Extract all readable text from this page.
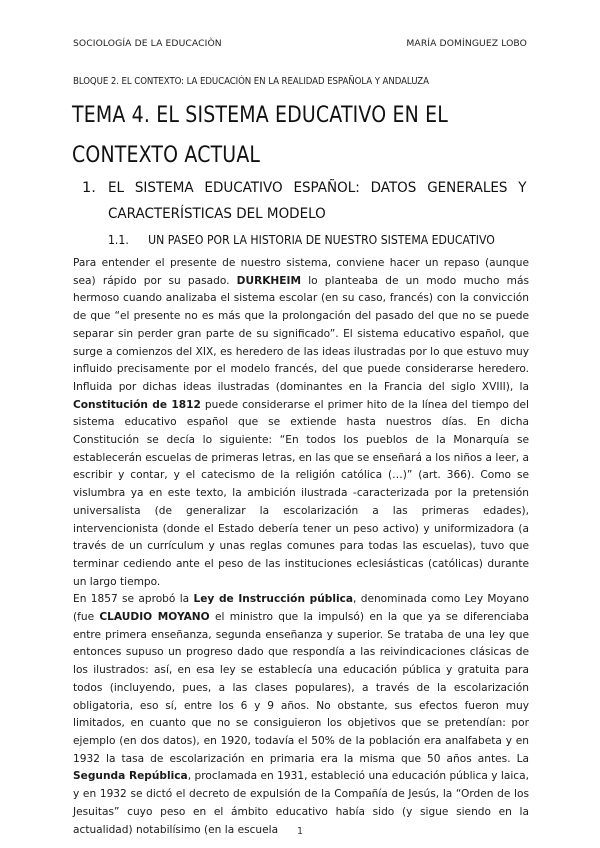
SOCIOLOGÍA DE LA EDUCACIÒN	MARÍA DOMÍNGUEZ LOBO
BLOQUE 2. EL CONTEXTO: LA EDUCACIÓN EN LA REALIDAD ESPAÑOLA Y ANDALUZA
TEMA 4. EL SISTEMA EDUCATIVO EN EL CONTEXTO ACTUAL
1. EL SISTEMA EDUCATIVO ESPAÑOL: DATOS GENERALES Y CARACTERÍSTICAS DEL MODELO
1.1. UN PASEO POR LA HISTORIA DE NUESTRO SISTEMA EDUCATIVO

Para entender el presente de nuestro sistema, conviene hacer un repaso (aunque sea) rápido por su pasado. DURKHEIM lo planteaba de un modo mucho más hermoso cuando analizaba el sistema escolar (en su caso, francés) con la convicción de que “el presente no es más que la prolongación del pasado del que no se puede separar sin perder gran parte de su significado”. El sistema educativo español, que surge a comienzos del XIX, es heredero de las ideas ilustradas por lo que estuvo muy influido precisamente por el modelo francés, del que puede considerarse heredero. Influida por dichas ideas ilustradas (dominantes en la Francia del siglo XVIII), la Constitución de 1812 puede considerarse el primer hito de la línea del tiempo del sistema educativo español que se extiende hasta nuestros días. En dicha Constitución se decía lo siguiente: “En todos los pueblos de la Monarquía se establecerán escuelas de primeras letras, en las que se enseñará a los niños a leer, a escribir y contar, y el catecismo de la religión católica (…)” (art. 366). Como se vislumbra ya en este texto, la ambición ilustrada -caracterizada por la pretensión universalista (de generalizar la escolarización a las primeras edades), intervencionista (donde el Estado debería tener un peso activo) y uniformizadora (a través de un currículum y unas reglas comunes para todas las escuelas), tuvo que terminar cediendo ante el peso de las instituciones eclesiásticas (católicas) durante un largo tiempo.

En 1857 se aprobó la Ley de Instrucción pública, denominada como Ley Moyano (fue CLAUDIO MOYANO el ministro que la impulsó) en la que ya se diferenciaba entre primera enseñanza, segunda enseñanza y superior. Se trataba de una ley que entonces supuso un progreso dado que respondía a las reivindicaciones clásicas de los ilustrados: así, en esa ley se establecía una educación pública y gratuita para todos (incluyendo, pues, a las clases populares), a través de la escolarización obligatoria, eso sí, entre los 6 y 9 años. No obstante, sus efectos fueron muy limitados, en cuanto que no se consiguieron los objetivos que se pretendían: por ejemplo (en dos datos), en 1920, todavía el 50% de la población era analfabeta y en 1932 la tasa de escolarización en primaria era la misma que 50 años antes. La Segunda República, proclamada en 1931, estableció una educación pública y laica, y en 1932 se dictó el decreto de expulsión de la Compañía de Jesús, la “Orden de los Jesuitas” cuyo peso en el ámbito educativo había sido (y sigue siendo en la actualidad) notabilísimo (en la escuela	1
